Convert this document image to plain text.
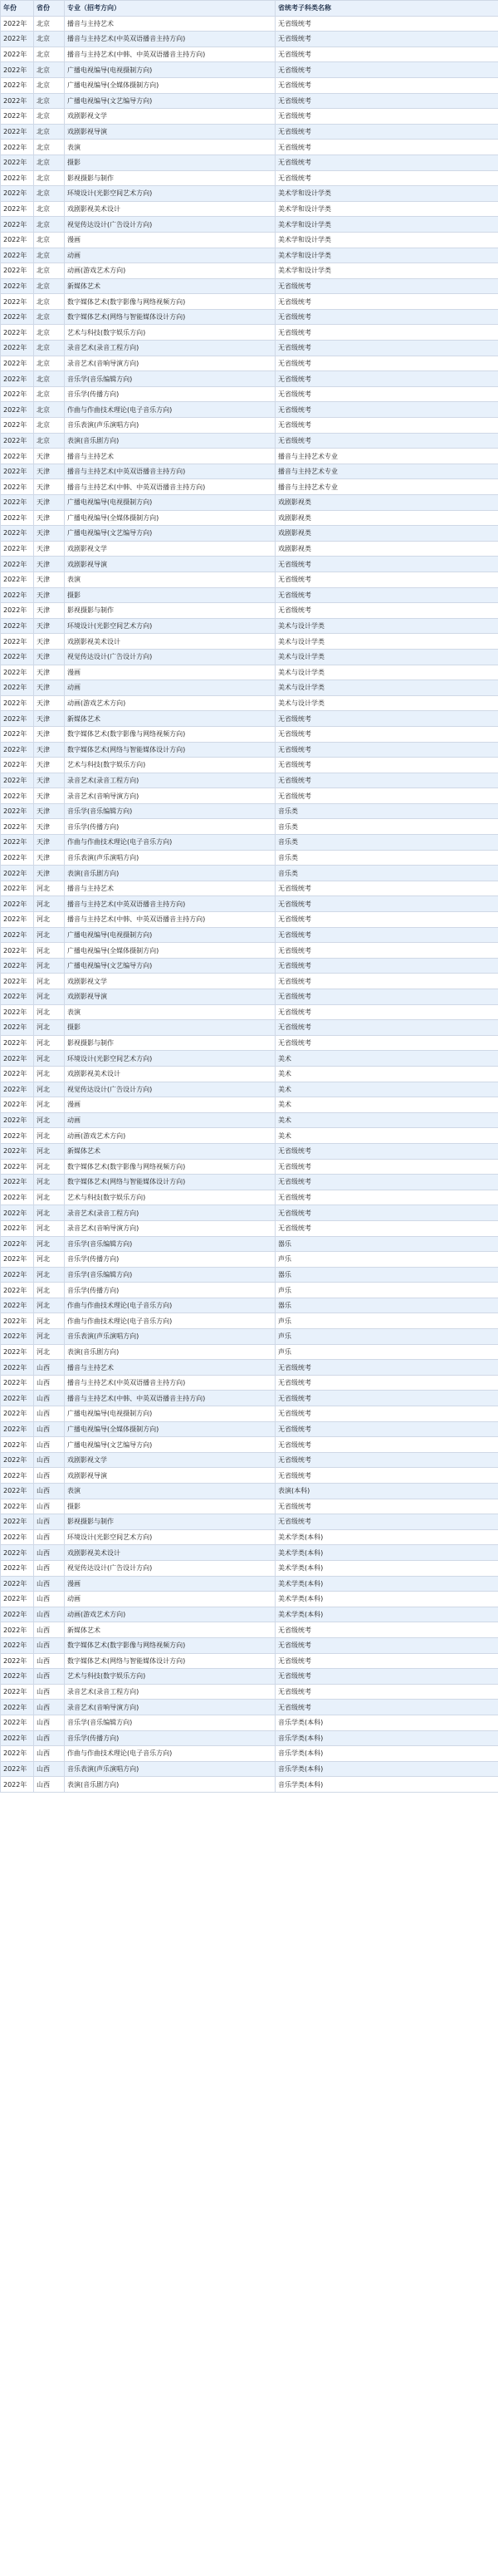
年份	省份	专业（招考方向）	省统考子科类名称
2022年	北京	播音与主持艺术	无省级统考
2022年	北京	播音与主持艺术(中英双语播音主持方向)	无省级统考
2022年	北京	播音与主持艺术(中韩、中英双语播音主持方向)	无省级统考
2022年	北京	广播电视编导(电视摄制方向)	无省级统考
2022年	北京	广播电视编导(全媒体摄制方向)	无省级统考
2022年	北京	广播电视编导(文艺编导方向)	无省级统考
2022年	北京	戏剧影视文学	无省级统考
2022年	北京	戏剧影视导演	无省级统考
2022年	北京	表演	无省级统考
2022年	北京	摄影	无省级统考
2022年	北京	影视摄影与制作	无省级统考
2022年	北京	环境设计(光影空间艺术方向)	美术学和设计学类
2022年	北京	戏剧影视美术设计	美术学和设计学类
2022年	北京	视觉传达设计(广告设计方向)	美术学和设计学类
2022年	北京	漫画	美术学和设计学类
2022年	北京	动画	美术学和设计学类
2022年	北京	动画(游戏艺术方向)	美术学和设计学类
2022年	北京	新媒体艺术	无省级统考
2022年	北京	数字媒体艺术(数字影像与网络视频方向)	无省级统考
2022年	北京	数字媒体艺术(网络与智能媒体设计方向)	无省级统考
2022年	北京	艺术与科技(数字娱乐方向)	无省级统考
2022年	北京	录音艺术(录音工程方向)	无省级统考
2022年	北京	录音艺术(音响导演方向)	无省级统考
2022年	北京	音乐学(音乐编辑方向)	无省级统考
2022年	北京	音乐学(传播方向)	无省级统考
2022年	北京	作曲与作曲技术理论(电子音乐方向)	无省级统考
2022年	北京	音乐表演(声乐演唱方向)	无省级统考
2022年	北京	表演(音乐剧方向)	无省级统考
2022年	天津	播音与主持艺术	播音与主持艺术专业
2022年	天津	播音与主持艺术(中英双语播音主持方向)	播音与主持艺术专业
2022年	天津	播音与主持艺术(中韩、中英双语播音主持方向)	播音与主持艺术专业
2022年	天津	广播电视编导(电视摄制方向)	戏剧影视类
2022年	天津	广播电视编导(全媒体摄制方向)	戏剧影视类
2022年	天津	广播电视编导(文艺编导方向)	戏剧影视类
2022年	天津	戏剧影视文学	戏剧影视类
2022年	天津	戏剧影视导演	无省级统考
2022年	天津	表演	无省级统考
2022年	天津	摄影	无省级统考
2022年	天津	影视摄影与制作	无省级统考
2022年	天津	环境设计(光影空间艺术方向)	美术与设计学类
2022年	天津	戏剧影视美术设计	美术与设计学类
2022年	天津	视觉传达设计(广告设计方向)	美术与设计学类
2022年	天津	漫画	美术与设计学类
2022年	天津	动画	美术与设计学类
2022年	天津	动画(游戏艺术方向)	美术与设计学类
2022年	天津	新媒体艺术	无省级统考
2022年	天津	数字媒体艺术(数字影像与网络视频方向)	无省级统考
2022年	天津	数字媒体艺术(网络与智能媒体设计方向)	无省级统考
2022年	天津	艺术与科技(数字娱乐方向)	无省级统考
2022年	天津	录音艺术(录音工程方向)	无省级统考
2022年	天津	录音艺术(音响导演方向)	无省级统考
2022年	天津	音乐学(音乐编辑方向)	音乐类
2022年	天津	音乐学(传播方向)	音乐类
2022年	天津	作曲与作曲技术理论(电子音乐方向)	音乐类
2022年	天津	音乐表演(声乐演唱方向)	音乐类
2022年	天津	表演(音乐剧方向)	音乐类
2022年	河北	播音与主持艺术	无省级统考
2022年	河北	播音与主持艺术(中英双语播音主持方向)	无省级统考
2022年	河北	播音与主持艺术(中韩、中英双语播音主持方向)	无省级统考
2022年	河北	广播电视编导(电视摄制方向)	无省级统考
2022年	河北	广播电视编导(全媒体摄制方向)	无省级统考
2022年	河北	广播电视编导(文艺编导方向)	无省级统考
2022年	河北	戏剧影视文学	无省级统考
2022年	河北	戏剧影视导演	无省级统考
2022年	河北	表演	无省级统考
2022年	河北	摄影	无省级统考
2022年	河北	影视摄影与制作	无省级统考
2022年	河北	环境设计(光影空间艺术方向)	美术
2022年	河北	戏剧影视美术设计	美术
2022年	河北	视觉传达设计(广告设计方向)	美术
2022年	河北	漫画	美术
2022年	河北	动画	美术
2022年	河北	动画(游戏艺术方向)	美术
2022年	河北	新媒体艺术	无省级统考
2022年	河北	数字媒体艺术(数字影像与网络视频方向)	无省级统考
2022年	河北	数字媒体艺术(网络与智能媒体设计方向)	无省级统考
2022年	河北	艺术与科技(数字娱乐方向)	无省级统考
2022年	河北	录音艺术(录音工程方向)	无省级统考
2022年	河北	录音艺术(音响导演方向)	无省级统考
2022年	河北	音乐学(音乐编辑方向)	器乐
2022年	河北	音乐学(传播方向)	声乐
2022年	河北	音乐学(音乐编辑方向)	器乐
2022年	河北	音乐学(传播方向)	声乐
2022年	河北	作曲与作曲技术理论(电子音乐方向)	器乐
2022年	河北	作曲与作曲技术理论(电子音乐方向)	声乐
2022年	河北	音乐表演(声乐演唱方向)	声乐
2022年	河北	表演(音乐剧方向)	声乐
2022年	山西	播音与主持艺术	无省级统考
2022年	山西	播音与主持艺术(中英双语播音主持方向)	无省级统考
2022年	山西	播音与主持艺术(中韩、中英双语播音主持方向)	无省级统考
2022年	山西	广播电视编导(电视摄制方向)	无省级统考
2022年	山西	广播电视编导(全媒体摄制方向)	无省级统考
2022年	山西	广播电视编导(文艺编导方向)	无省级统考
2022年	山西	戏剧影视文学	无省级统考
2022年	山西	戏剧影视导演	无省级统考
2022年	山西	表演	表演(本科)
2022年	山西	摄影	无省级统考
2022年	山西	影视摄影与制作	无省级统考
2022年	山西	环境设计(光影空间艺术方向)	美术学类(本科)
2022年	山西	戏剧影视美术设计	美术学类(本科)
2022年	山西	视觉传达设计(广告设计方向)	美术学类(本科)
2022年	山西	漫画	美术学类(本科)
2022年	山西	动画	美术学类(本科)
2022年	山西	动画(游戏艺术方向)	美术学类(本科)
2022年	山西	新媒体艺术	无省级统考
2022年	山西	数字媒体艺术(数字影像与网络视频方向)	无省级统考
2022年	山西	数字媒体艺术(网络与智能媒体设计方向)	无省级统考
2022年	山西	艺术与科技(数字娱乐方向)	无省级统考
2022年	山西	录音艺术(录音工程方向)	无省级统考
2022年	山西	录音艺术(音响导演方向)	无省级统考
2022年	山西	音乐学(音乐编辑方向)	音乐学类(本科)
2022年	山西	音乐学(传播方向)	音乐学类(本科)
2022年	山西	作曲与作曲技术理论(电子音乐方向)	音乐学类(本科)
2022年	山西	音乐表演(声乐演唱方向)	音乐学类(本科)
2022年	山西	表演(音乐剧方向)	音乐学类(本科)
